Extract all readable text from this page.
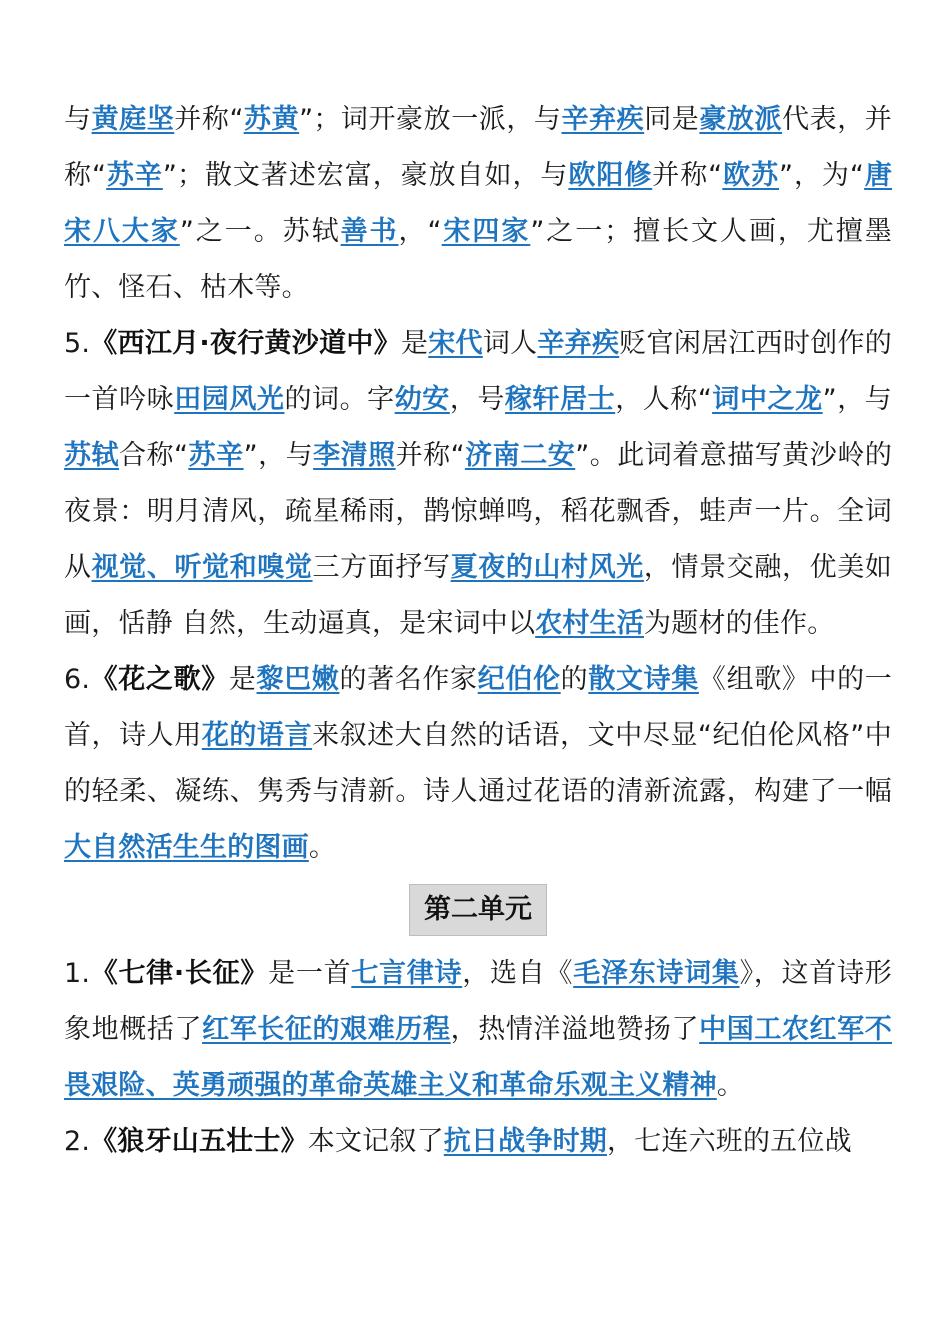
与黄庭坚并称“苏黄”；词开豪放一派，与辛弃疾同是豪放派代表，并称“苏辛”；散文著述宏富，豪放自如，与欧阳修并称“欧苏”，为“唐宋八大家”之一。苏轼善书，“宋四家”之一；擅长文人画，尤擅墨竹、怪石、枯木等。

5.《西江月·夜行黄沙道中》是宋代词人辛弃疾贬官闲居江西时创作的一首吟咏田园风光的词。字幼安，号稼轩居士，人称“词中之龙”，与苏轼合称“苏辛”，与李清照并称“济南二安”。此词着意描写黄沙岭的夜景：明月清风，疏星稀雨，鹊惊蝉鸣，稻花飘香，蛙声一片。全词从视觉、听觉和嗅觉三方面抒写夏夜的山村风光，情景交融，优美如画，恬静 自然，生动逼真，是宋词中以农村生活为题材的佳作。

6.《花之歌》是黎巴嫩的著名作家纪伯伦的散文诗集《组歌》中的一首，诗人用花的语言来叙述大自然的话语，文中尽显“纪伯伦风格”中的轻柔、凝练、隽秀与清新。诗人通过花语的清新流露，构建了一幅大自然活生生的图画。

第二单元

1.《七律·长征》是一首七言律诗，选自《毛泽东诗词集》，这首诗形象地概括了红军长征的艰难历程，热情洋溢地赞扬了中国工农红军不畏艰险、英勇顽强的革命英雄主义和革命乐观主义精神。

2.《狼牙山五壮士》本文记叙了抗日战争时期，七连六班的五位战
